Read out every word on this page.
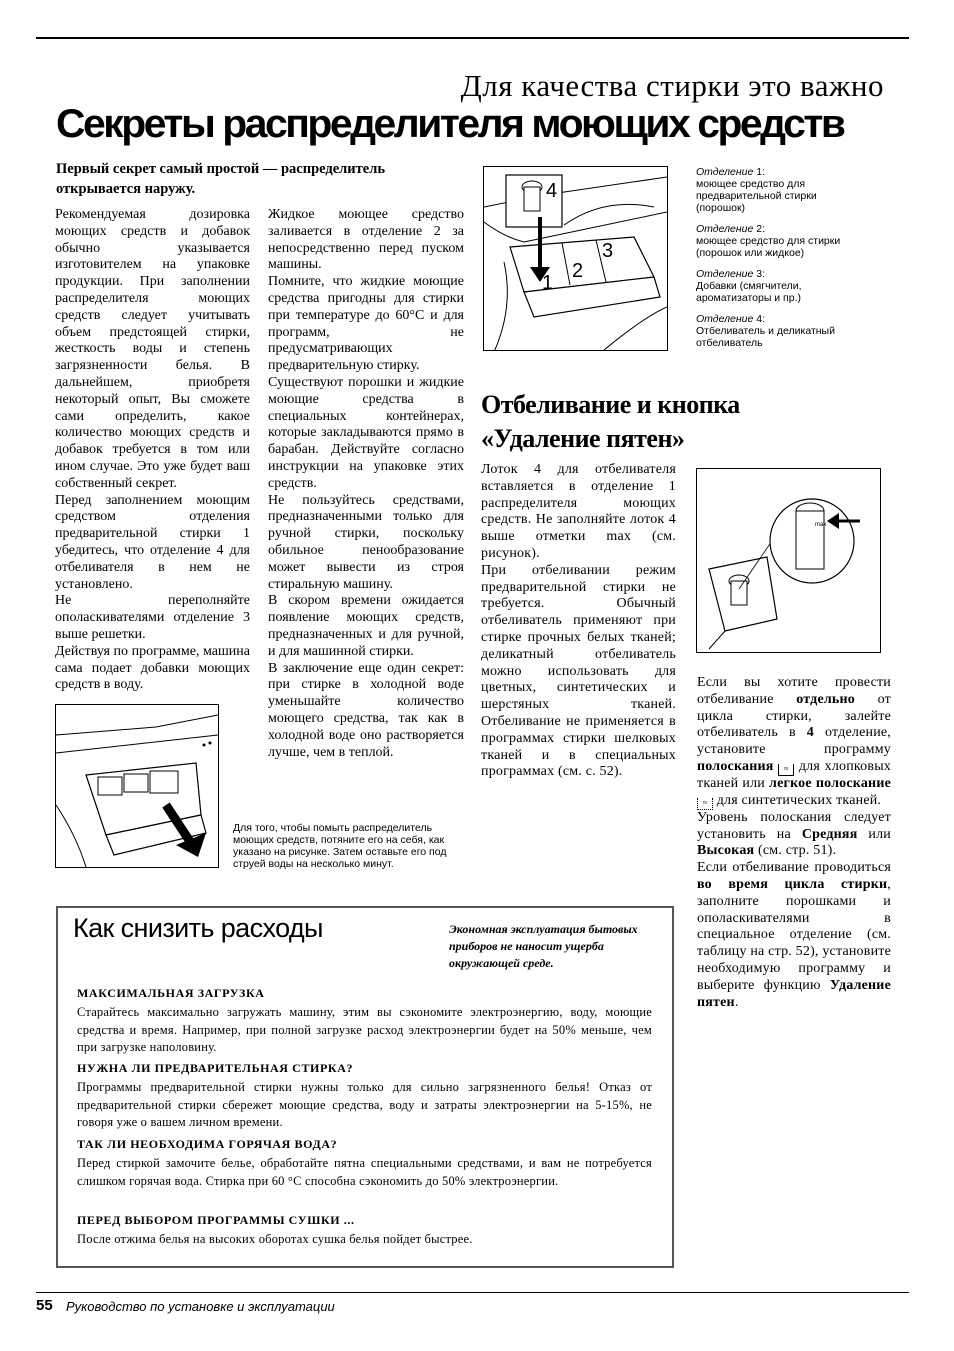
Для качества стирки это важно
Секреты распределителя моющих средств
Первый секрет самый простой — распределитель открывается наружу.

Рекомендуемая дозировка моющих средств и добавок обычно указывается изготовителем на упаковке продукции. При заполнении распределителя моющих средств следует учитывать объем предстоящей стирки, жесткость воды и степень загрязненности белья. В дальнейшем, приобретя некоторый опыт, Вы сможете сами определить, какое количество моющих средств и добавок требуется в том или ином случае. Это уже будет ваш собственный секрет.

Перед заполнением моющим средством отделения предварительной стирки 1 убедитесь, что отделение 4 для отбеливателя в нем не установлено.

Не переполняйте ополаскивателями отделение 3 выше решетки.

Действуя по программе, машина сама подает добавки моющих средств в воду.

Жидкое моющее средство заливается в отделение 2 за непосредственно перед пуском машины.

Помните, что жидкие моющие средства пригодны для стирки при температуре до 60°С и для программ, не предусматривающих предварительную стирку.

Существуют порошки и жидкие моющие средства в специальных контейнерах, которые закладываются прямо в барабан. Действуйте согласно инструкции на упаковке этих средств.

Не пользуйтесь средствами, предназначенными только для ручной стирки, поскольку обильное пенообразование может вывести из строя стиральную машину.

В скором времени ожидается появление моющих средств, предназначенных и для ручной, и для машинной стирки.

В заключение еще один секрет: при стирке в холодной воде уменьшайте количество моющего средства, так как в холодной воде оно растворяется лучше, чем в теплой.

4
1
2
3

Отделение 1:
моющее средство для предварительной стирки (порошок)

Отделение 2:
моющее средство для стирки (порошок или жидкое)

Отделение 3:
Добавки (смягчители, ароматизаторы и пр.)

Отделение 4:
Отбеливатель и деликатный отбеливатель

Отбеливание и кнопка
«Удаление пятен»

Лоток 4 для отбеливателя вставляется в отделение 1 распределителя моющих средств. Не заполняйте лоток 4 выше отметки max (см. рисунок).

При отбеливании режим предварительной стирки не требуется. Обычный отбеливатель применяют при стирке прочных белых тканей; деликатный отбеливатель можно использовать для цветных, синтетических и шерстяных тканей. Отбеливание не применяется в программах стирки шелковых тканей и в специальных программах (см. с. 52).

max

Если вы хотите провести отбеливание отдельно от цикла стирки, залейте отбеливатель в 4 отделение, установите программу полоскания ≈ для хлопковых тканей или легкое полоскание ≈ для синтетических тканей.

Уровень полоскания следует установить на Средняя или Высокая (см. стр. 51).

Если отбеливание проводиться во время цикла стирки, заполните порошками и ополаскивателями в специальное отделение (см. таблицу на стр. 52), установите необходимую программу и выберите функцию Удаление пятен.

Для того, чтобы помыть распределитель моющих средств, потяните его на себя, как указано на рисунке. Затем оставьте его под струей воды на несколько минут.
Как снизить расходы	Экономная эксплуатация бытовых приборов не наносит ущерба окружающей среде.
МАКСИМАЛЬНАЯ ЗАГРУЗКА
Старайтесь максимально загружать машину, этим вы сэкономите электроэнергию, воду, моющие средства и время. Например, при полной загрузке расход электроэнергии будет на 50% меньше, чем при загрузке наполовину.
НУЖНА ЛИ ПРЕДВАРИТЕЛЬНАЯ СТИРКА?
Программы предварительной стирки нужны только для сильно загрязненного белья! Отказ от предварительной стирки сбережет моющие средства, воду и затраты электроэнергии на 5-15%, не говоря уже о вашем личном времени.
ТАК ЛИ НЕОБХОДИМА ГОРЯЧАЯ ВОДА?
Перед стиркой замочите белье, обработайте пятна специальными средствами, и вам не потребуется слишком горячая вода. Стирка при 60 °С способна сэкономить до 50% электроэнергии.
ПЕРЕД ВЫБОРОМ ПРОГРАММЫ СУШКИ ...
После отжима белья на высоких оборотах сушка белья пойдет быстрее.
55 Руководство по установке и эксплуатации
